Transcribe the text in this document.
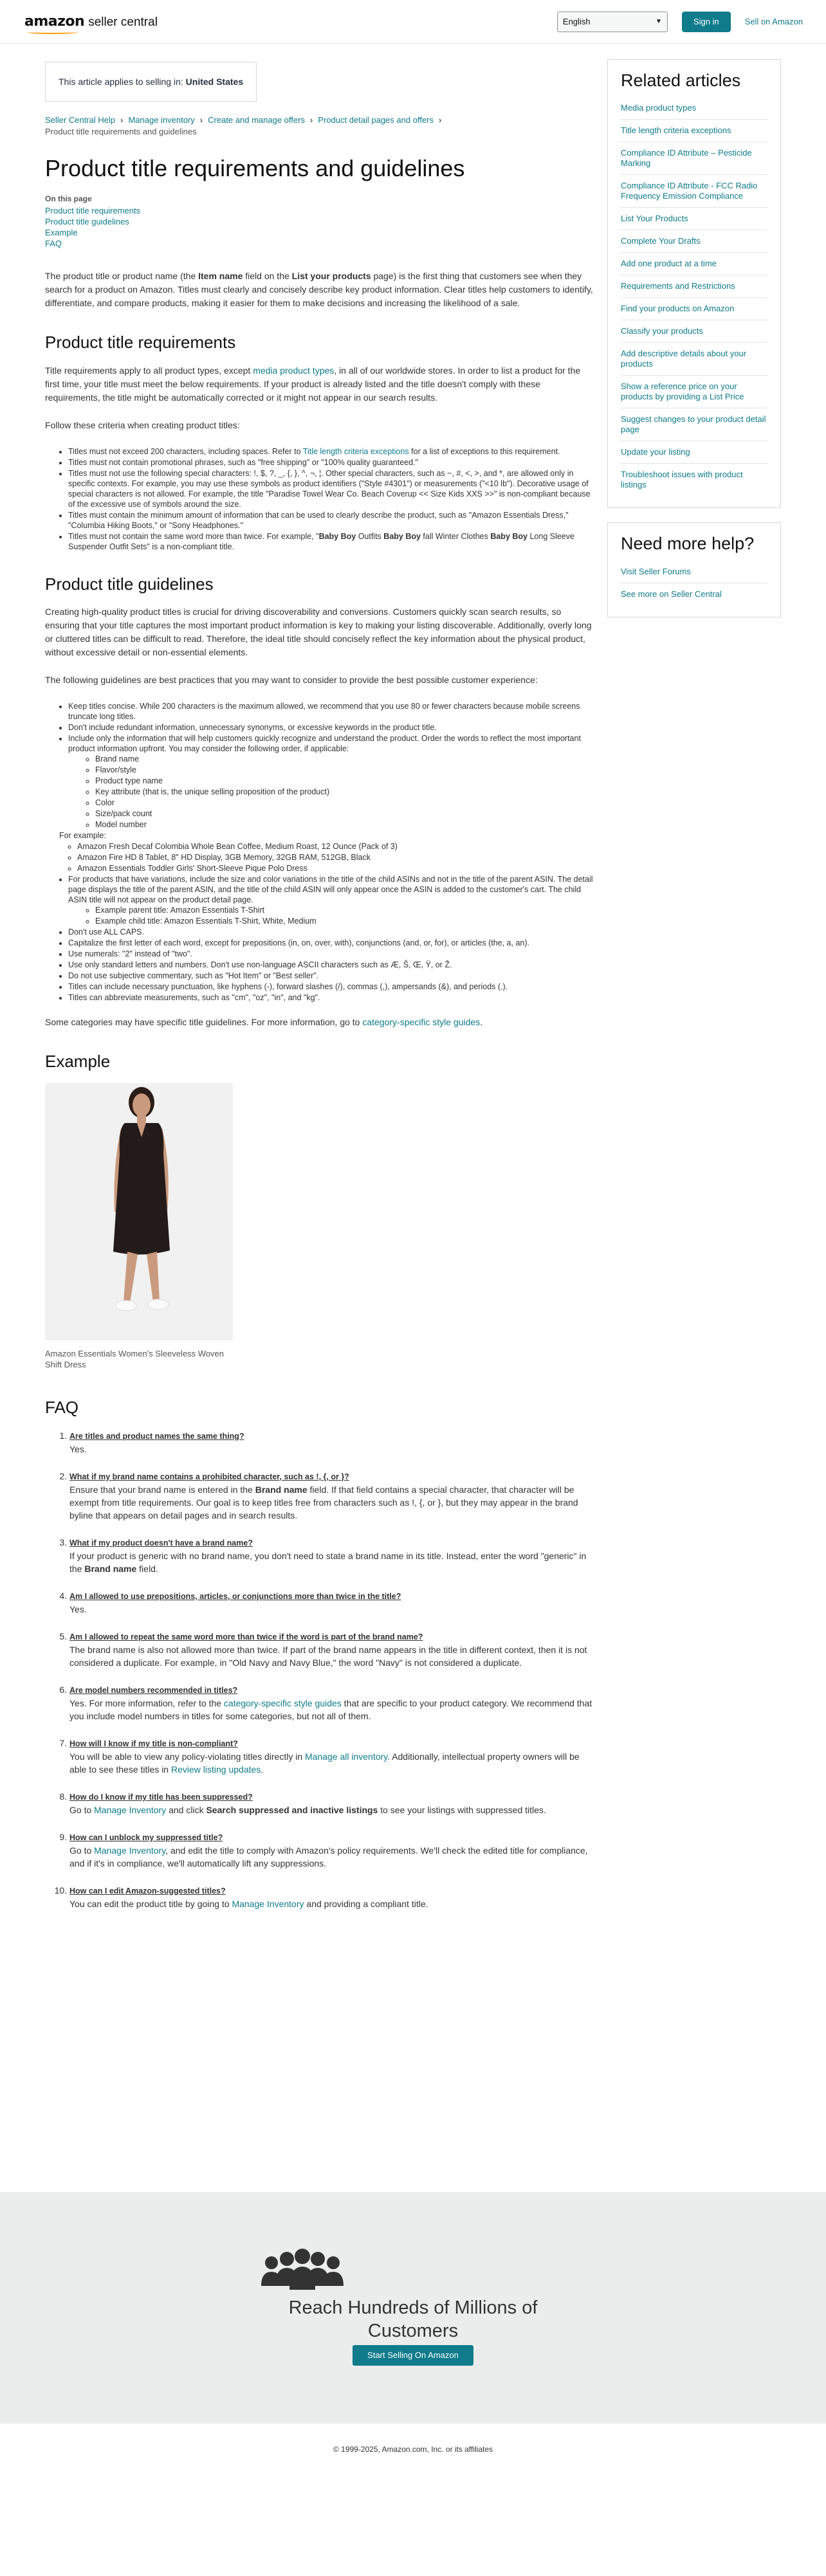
amazon seller central	English	▼	Sign in	Sell on Amazon
This article applies to selling in: United States
Seller Central Help › Manage inventory › Create and manage offers › Product detail pages and offers ›
Product title requirements and guidelines
Product title requirements and guidelines
On this page
Product title requirements
Product title guidelines
Example
FAQ

The product title or product name (the Item name field on the List your products page) is the first thing that customers see when they search for a product on Amazon. Titles must clearly and concisely describe key product information. Clear titles help customers to identify, differentiate, and compare products, making it easier for them to make decisions and increasing the likelihood of a sale.

Product title requirements

Title requirements apply to all product types, except media product types, in all of our worldwide stores. In order to list a product for the first time, your title must meet the below requirements. If your product is already listed and the title doesn't comply with these requirements, the title might be automatically corrected or it might not appear in our search results.

Follow these criteria when creating product titles:

• Titles must not exceed 200 characters, including spaces. Refer to Title length criteria exceptions for a list of exceptions to this requirement.
• Titles must not contain promotional phrases, such as "free shipping" or "100% quality guaranteed."
• Titles must not use the following special characters: !, $, ?, _, {, }, ^, ¬, ¦. Other special characters, such as ~, #, <, >, and *, are allowed only in specific contexts. For example, you may use these symbols as product identifiers ("Style #4301") or measurements ("<10 lb"). Decorative usage of special characters is not allowed. For example, the title "Paradise Towel Wear Co. Beach Coverup << Size Kids XXS >>" is non-compliant because of the excessive use of symbols around the size.
• Titles must contain the minimum amount of information that can be used to clearly describe the product, such as "Amazon Essentials Dress," "Columbia Hiking Boots," or "Sony Headphones."
• Titles must not contain the same word more than twice. For example, "Baby Boy Outfits Baby Boy fall Winter Clothes Baby Boy Long Sleeve Suspender Outfit Sets" is a non-compliant title.
Product title guidelines

Creating high-quality product titles is crucial for driving discoverability and conversions. Customers quickly scan search results, so ensuring that your title captures the most important product information is key to making your listing discoverable. Additionally, overly long or cluttered titles can be difficult to read. Therefore, the ideal title should concisely reflect the key information about the physical product, without excessive detail or non-essential elements.

The following guidelines are best practices that you may want to consider to provide the best possible customer experience:

• Keep titles concise. While 200 characters is the maximum allowed, we recommend that you use 80 or fewer characters because mobile screens truncate long titles.
• Don't include redundant information, unnecessary synonyms, or excessive keywords in the product title.
• Include only the information that will help customers quickly recognize and understand the product. Order the words to reflect the most important product information upfront. You may consider the following order, if applicable:
◦ Brand name
◦ Flavor/style
◦ Product type name
◦ Key attribute (that is, the unique selling proposition of the product)
◦ Color
◦ Size/pack count
◦ Model number
For example:
◦ Amazon Fresh Decaf Colombia Whole Bean Coffee, Medium Roast, 12 Ounce (Pack of 3)
◦ Amazon Fire HD 8 Tablet, 8" HD Display, 3GB Memory, 32GB RAM, 512GB, Black
◦ Amazon Essentials Toddler Girls' Short-Sleeve Pique Polo Dress
• For products that have variations, include the size and color variations in the title of the child ASINs and not in the title of the parent ASIN. The detail page displays the title of the parent ASIN, and the title of the child ASIN will only appear once the ASIN is added to the customer's cart. The child ASIN title will not appear on the product detail page.
◦ Example parent title: Amazon Essentials T-Shirt
◦ Example child title: Amazon Essentials T-Shirt, White, Medium
• Don't use ALL CAPS.
• Capitalize the first letter of each word, except for prepositions (in, on, over, with), conjunctions (and, or, for), or articles (the, a, an).
• Use numerals: "2" instead of "two".
• Use only standard letters and numbers. Don't use non-language ASCII characters such as Æ, Š, Œ, Ÿ, or Ž.
• Do not use subjective commentary, such as "Hot Item" or "Best seller".
• Titles can include necessary punctuation, like hyphens (-), forward slashes (/), commas (,), ampersands (&), and periods (.).
• Titles can abbreviate measurements, such as "cm", "oz", "in", and "kg".

Some categories may have specific title guidelines. For more information, go to category-specific style guides.

Example
Amazon Essentials Women's Sleeveless Woven Shift Dress
FAQ
1. Are titles and product names the same thing?
Yes.
2. What if my brand name contains a prohibited character, such as !, {, or }?
Ensure that your brand name is entered in the Brand name field. If that field contains a special character, that character will be exempt from title requirements. Our goal is to keep titles free from characters such as !, {, or }, but they may appear in the brand byline that appears on detail pages and in search results.
3. What if my product doesn't have a brand name?
If your product is generic with no brand name, you don't need to state a brand name in its title. Instead, enter the word "generic" in the Brand name field.
4. Am I allowed to use prepositions, articles, or conjunctions more than twice in the title?
Yes.
5. Am I allowed to repeat the same word more than twice if the word is part of the brand name?
The brand name is also not allowed more than twice. If part of the brand name appears in the title in different context, then it is not considered a duplicate. For example, in "Old Navy and Navy Blue," the word "Navy" is not considered a duplicate.
6. Are model numbers recommended in titles?
Yes. For more information, refer to the category-specific style guides that are specific to your product category. We recommend that you include model numbers in titles for some categories, but not all of them.
7. How will I know if my title is non-compliant?
You will be able to view any policy-violating titles directly in Manage all inventory. Additionally, intellectual property owners will be able to see these titles in Review listing updates.
8. How do I know if my title has been suppressed?
Go to Manage Inventory and click Search suppressed and inactive listings to see your listings with suppressed titles.
9. How can I unblock my suppressed title?
Go to Manage Inventory, and edit the title to comply with Amazon's policy requirements. We'll check the edited title for compliance, and if it's in compliance, we'll automatically lift any suppressions.
10. How can I edit Amazon-suggested titles?
You can edit the product title by going to Manage Inventory and providing a compliant title.
Related articles
Media product types
Title length criteria exceptions
Compliance ID Attribute – Pesticide Marking
Compliance ID Attribute - FCC Radio Frequency Emission Compliance
List Your Products
Complete Your Drafts
Add one product at a time
Requirements and Restrictions
Find your products on Amazon
Classify your products
Add descriptive details about your products
Show a reference price on your products by providing a List Price
Suggest changes to your product detail page
Update your listing
Troubleshoot issues with product listings
Need more help?
Visit Seller Forums
See more on Seller Central
Reach Hundreds of Millions of
Customers
Start Selling On Amazon
© 1999-2025, Amazon.com, Inc. or its affiliates
